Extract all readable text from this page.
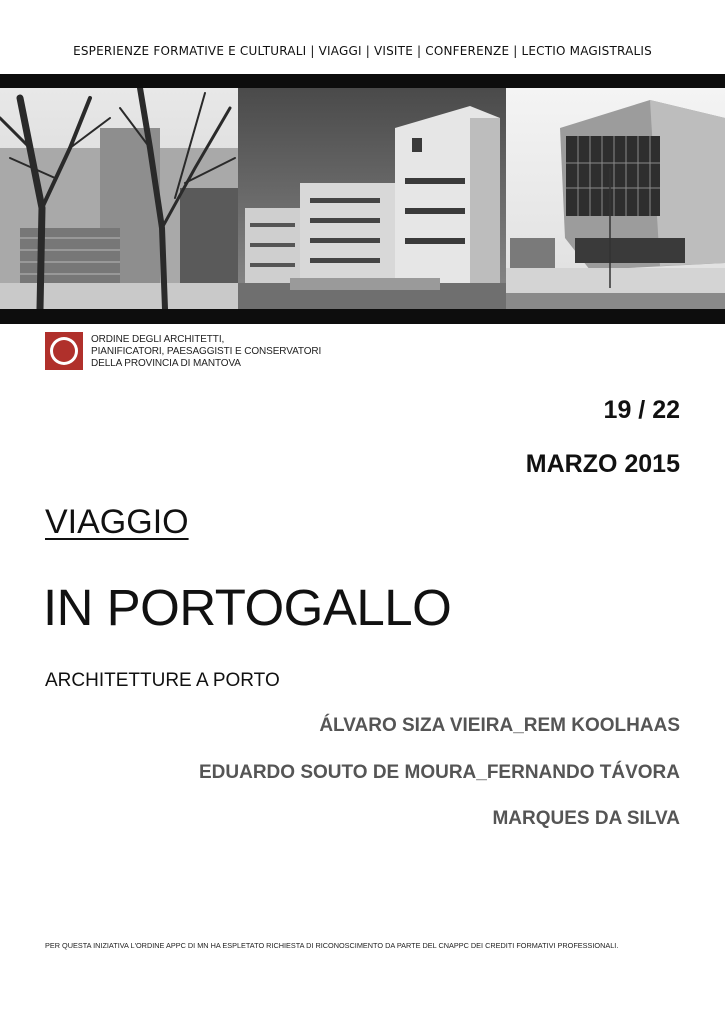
ESPERIENZE FORMATIVE E CULTURALI | VIAGGI | VISITE | CONFERENZE | LECTIO MAGISTRALIS
ORDINE DEGLI ARCHITETTI,
PIANIFICATORI, PAESAGGISTI E CONSERVATORI
DELLA PROVINCIA DI MANTOVA
19 / 22
MARZO 2015
VIAGGIO
IN PORTOGALLO
ARCHITETTURE A PORTO
ÁLVARO SIZA VIEIRA_REM KOOLHAAS
EDUARDO SOUTO DE MOURA_FERNANDO TÁVORA
MARQUES DA SILVA
PER QUESTA INIZIATIVA L'ORDINE APPC DI MN HA ESPLETATO RICHIESTA DI RICONOSCIMENTO DA PARTE DEL CNAPPC DEI CREDITI FORMATIVI PROFESSIONALI.
